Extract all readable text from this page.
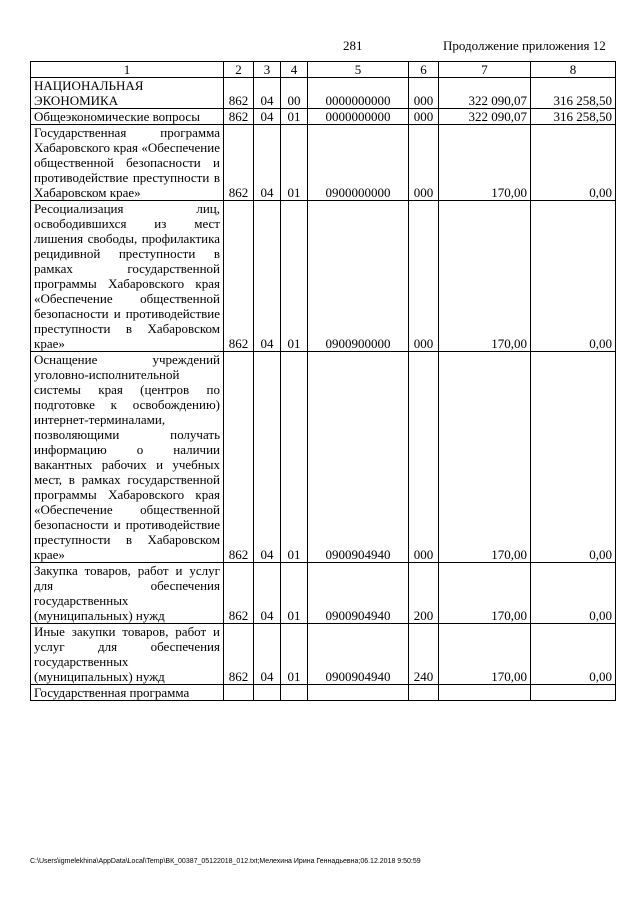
281	Продолжение приложения 12
1	2	3	4	5	6	7	8
НАЦИОНАЛЬНАЯ ЭКОНОМИКА	862	04	00	0000000000	000	322 090,07	316 258,50
Общеэкономические вопросы	862	04	01	0000000000	000	322 090,07	316 258,50
Государственная программа Хабаровского края «Обеспечение общественной безопасности и противодействие преступности в Хабаровском крае»	862	04	01	0900000000	000	170,00	0,00
Ресоциализация лиц, освободившихся из мест лишения свободы, профилактика рецидивной преступности в рамках государственной программы Хабаровского края «Обеспечение общественной безопасности и противодействие преступности в Хабаровском крае»	862	04	01	0900900000	000	170,00	0,00
Оснащение учреждений уголовно-исполнительной системы края (центров по подготовке к освобождению) интернет-терминалами, позволяющими получать информацию о наличии вакантных рабочих и учебных мест, в рамках государственной программы Хабаровского края «Обеспечение общественной безопасности и противодействие преступности в Хабаровском крае»	862	04	01	0900904940	000	170,00	0,00
Закупка товаров, работ и услуг для обеспечения государственных (муниципальных) нужд	862	04	01	0900904940	200	170,00	0,00
Иные закупки товаров, работ и услуг для обеспечения государственных (муниципальных) нужд	862	04	01	0900904940	240	170,00	0,00
Государственная программа							
C:\Users\igmelekhina\AppData\Local\Temp\ВК_00387_05122018_012.txt;Мелехина Ирина Геннадьевна;06.12.2018 9:50:59
